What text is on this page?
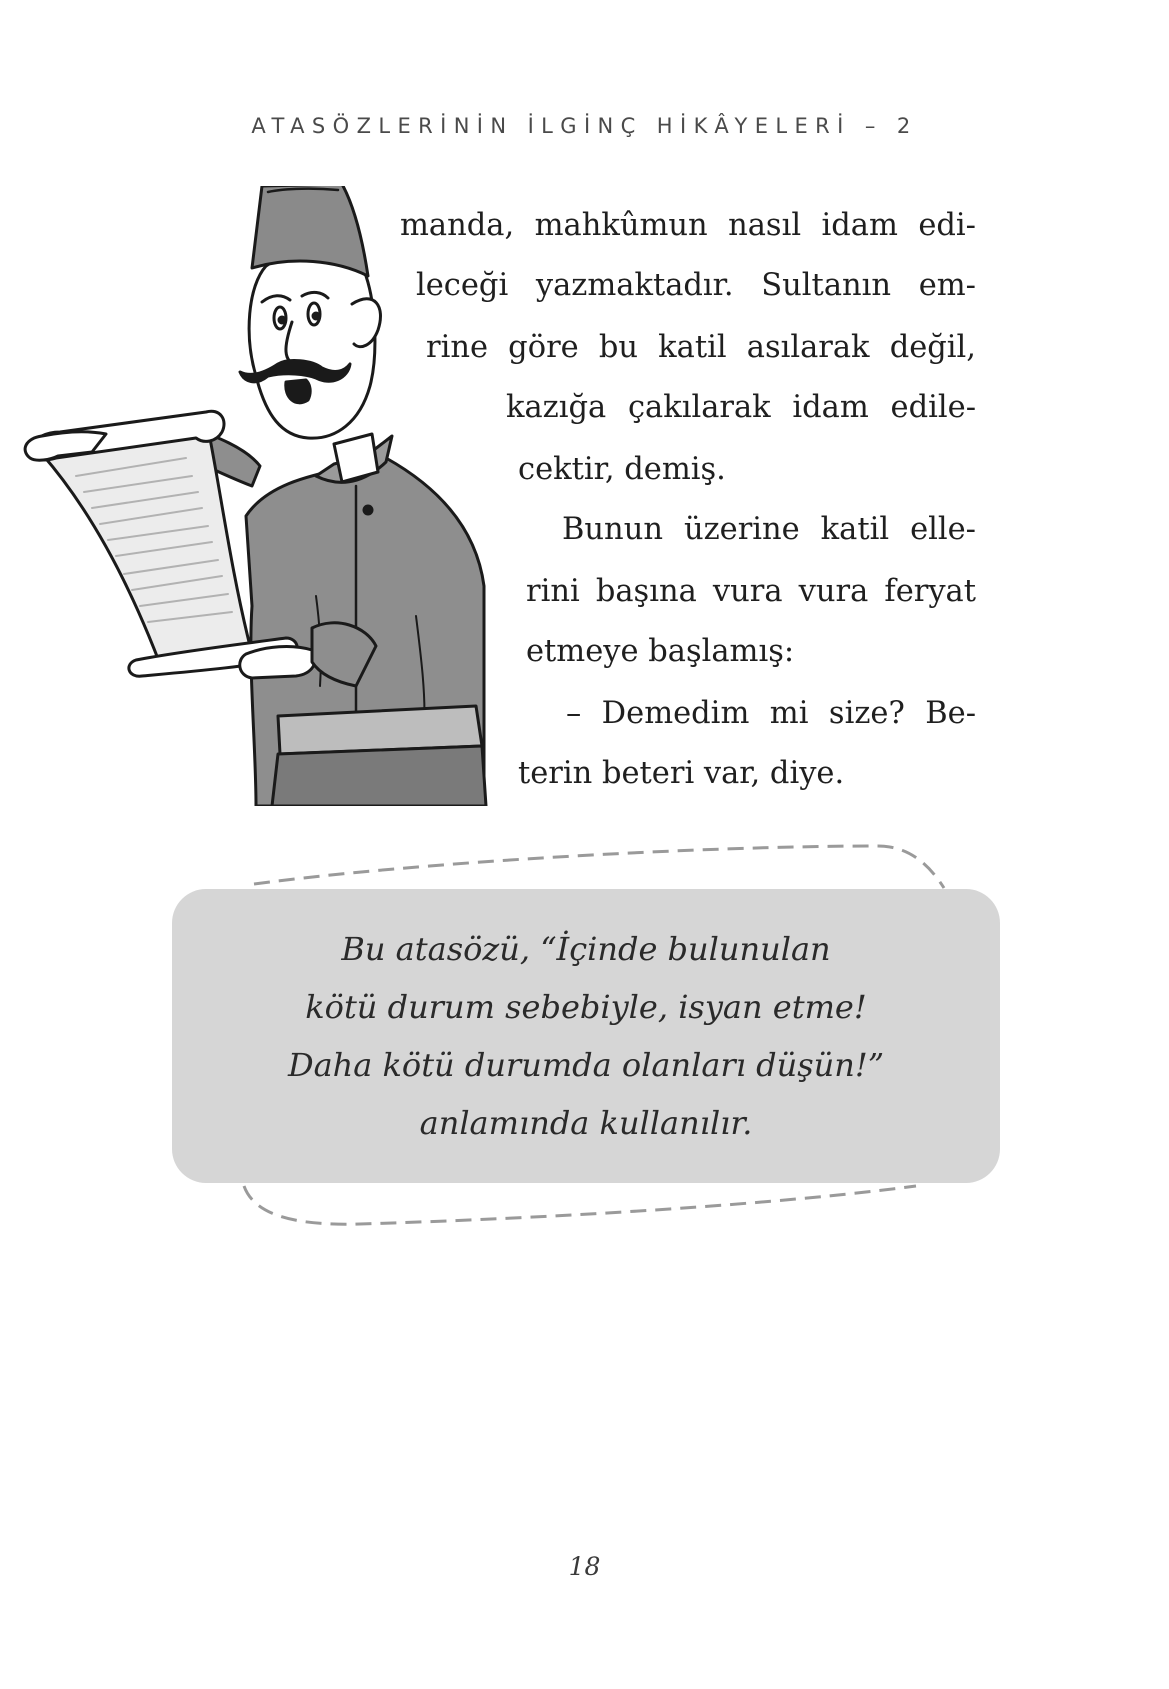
ATASÖZLERİNİN İLGİNÇ HİKÂYELERİ – 2
manda, mahkûmun nasıl idam edi-
leceği yazmaktadır. Sultanın em-
rine göre bu katil asılarak değil,
kazığa çakılarak idam edile-
cektir, demiş.
Bunun üzerine katil elle-
rini başına vura vura feryat
etmeye başlamış:
– Demedim mi size? Be-
terin beteri var, diye.
Bu atasözü, “İçinde bulunulan
kötü durum sebebiyle, isyan etme!
Daha kötü durumda olanları düşün!”
anlamında kullanılır.
18
